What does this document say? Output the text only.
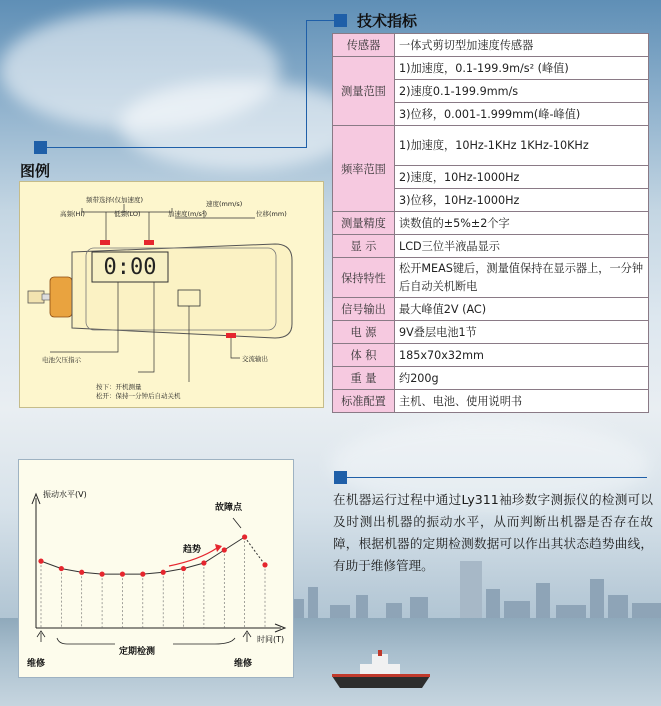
技术指标
传感器	一体式剪切型加速度传感器
测量范围	1)加速度，0.1-199.9m/s² (峰值)
	2)速度0.1-199.9mm/s
	3)位移，0.001-1.999mm(峰-峰值)
频率范围	1)加速度，10Hz-1KHz 1KHz-10KHz
	2)速度，10Hz-1000Hz
	3)位移，10Hz-1000Hz
测量精度	读数值的±5%±2个字
显 示	LCD三位半液晶显示
保持特性	松开MEAS键后，测量值保持在显示器上，一分钟后自动关机断电
信号输出	最大峰值2V (AC)
电 源	9V叠层电池1节
体 积	185x70x32mm
重 量	约200g
标准配置	主机、电池、使用说明书
图例
0:00
频带选择(仅加速度)
高频(HI)	低频(LO)
速度(mm/s)
加速度(m/s²)	位移(mm)
电池欠压指示
按下：开机测量
松开：保持一分钟后自动关机
交流输出
振动水平(V)
时间(T)
故障点
趋势
定期检测
维修	维修

在机器运行过程中通过Ly311袖珍数字测振仪的检测可以及时测出机器的振动水平，从而判断出机器是否存在故障，根据机器的定期检测数据可以作出其状态趋势曲线，有助于维修管理。
